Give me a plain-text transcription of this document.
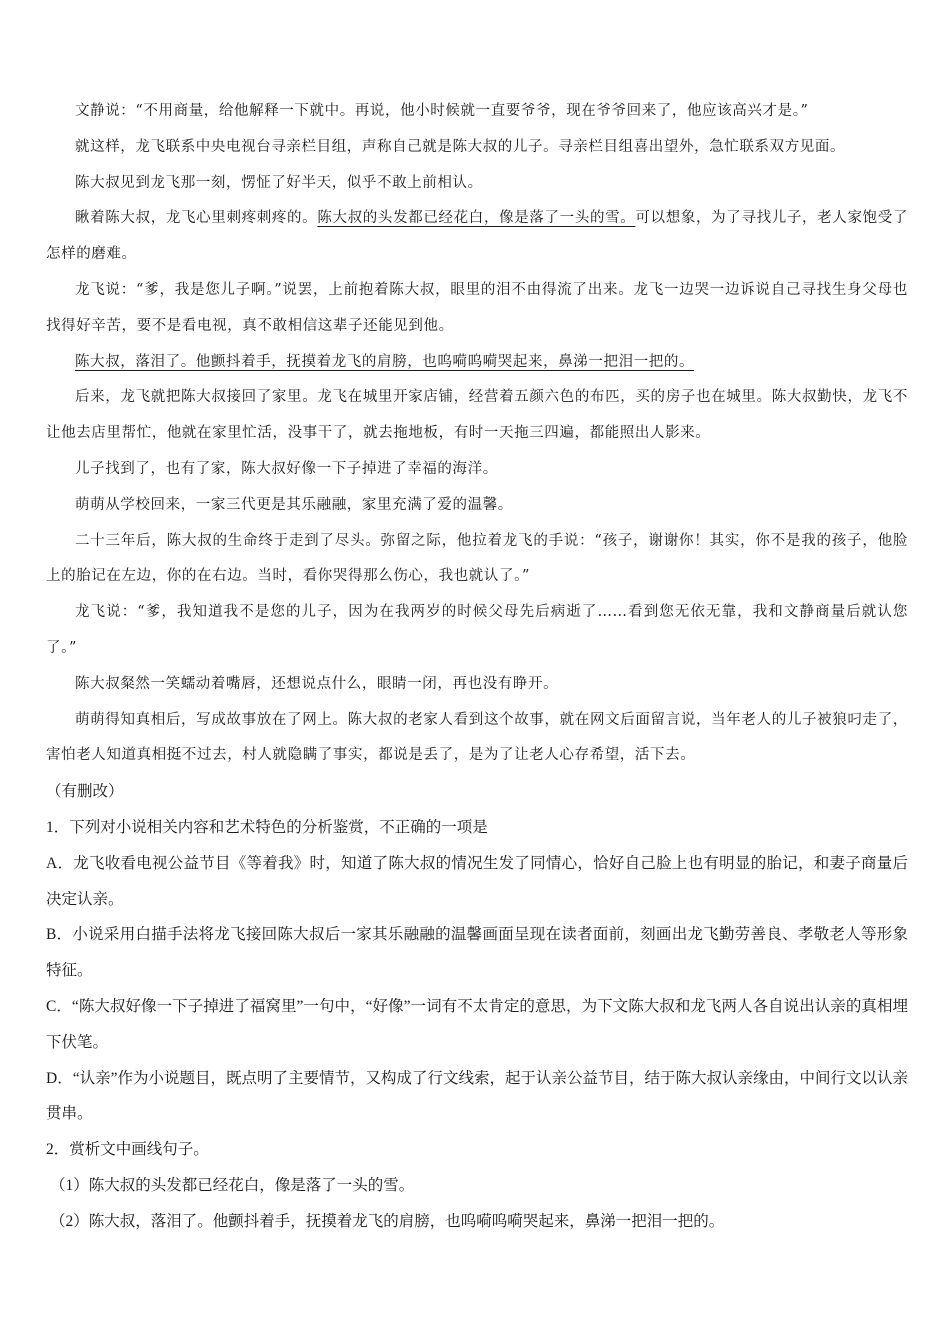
文静说：“不用商量，给他解释一下就中。再说，他小时候就一直要爷爷，现在爷爷回来了，他应该高兴才是。”

就这样，龙飞联系中央电视台寻亲栏目组，声称自己就是陈大叔的儿子。寻亲栏目组喜出望外，急忙联系双方见面。

陈大叔见到龙飞那一刻，愣怔了好半天，似乎不敢上前相认。

瞅着陈大叔，龙飞心里刺疼刺疼的。陈大叔的头发都已经花白，像是落了一头的雪。可以想象，为了寻找儿子，老人家饱受了怎样的磨难。

龙飞说：“爹，我是您儿子啊。”说罢，上前抱着陈大叔，眼里的泪不由得流了出来。龙飞一边哭一边诉说自己寻找生身父母也找得好辛苦，要不是看电视，真不敢相信这辈子还能见到他。

陈大叔，落泪了。他颤抖着手，抚摸着龙飞的肩膀，也呜嗬呜嗬哭起来，鼻涕一把泪一把的。

后来，龙飞就把陈大叔接回了家里。龙飞在城里开家店铺，经营着五颜六色的布匹，买的房子也在城里。陈大叔勤快，龙飞不让他去店里帮忙，他就在家里忙活，没事干了，就去拖地板，有时一天拖三四遍，都能照出人影来。

儿子找到了，也有了家，陈大叔好像一下子掉进了幸福的海洋。

萌萌从学校回来，一家三代更是其乐融融，家里充满了爱的温馨。

二十三年后，陈大叔的生命终于走到了尽头。弥留之际，他拉着龙飞的手说：“孩子，谢谢你！其实，你不是我的孩子，他脸上的胎记在左边，你的在右边。当时，看你哭得那么伤心，我也就认了。”

龙飞说：“爹，我知道我不是您的儿子，因为在我两岁的时候父母先后病逝了……看到您无依无靠，我和文静商量后就认您了。”

陈大叔粲然一笑蠕动着嘴唇，还想说点什么，眼睛一闭，再也没有睁开。

萌萌得知真相后，写成故事放在了网上。陈大叔的老家人看到这个故事，就在网文后面留言说，当年老人的儿子被狼叼走了，害怕老人知道真相挺不过去，村人就隐瞒了事实，都说是丢了，是为了让老人心存希望，活下去。

（有删改）

1．下列对小说相关内容和艺术特色的分析鉴赏，不正确的一项是

A．龙飞收看电视公益节目《等着我》时，知道了陈大叔的情况生发了同情心，恰好自己脸上也有明显的胎记，和妻子商量后决定认亲。

B．小说采用白描手法将龙飞接回陈大叔后一家其乐融融的温馨画面呈现在读者面前，刻画出龙飞勤劳善良、孝敬老人等形象特征。

C．“陈大叔好像一下子掉进了福窝里”一句中，“好像”一词有不太肯定的意思，为下文陈大叔和龙飞两人各自说出认亲的真相埋下伏笔。

D．“认亲”作为小说题目，既点明了主要情节，又构成了行文线索，起于认亲公益节目，结于陈大叔认亲缘由，中间行文以认亲贯串。

2．赏析文中画线句子。

（1）陈大叔的头发都已经花白，像是落了一头的雪。

（2）陈大叔，落泪了。他颤抖着手，抚摸着龙飞的肩膀，也呜嗬呜嗬哭起来，鼻涕一把泪一把的。
